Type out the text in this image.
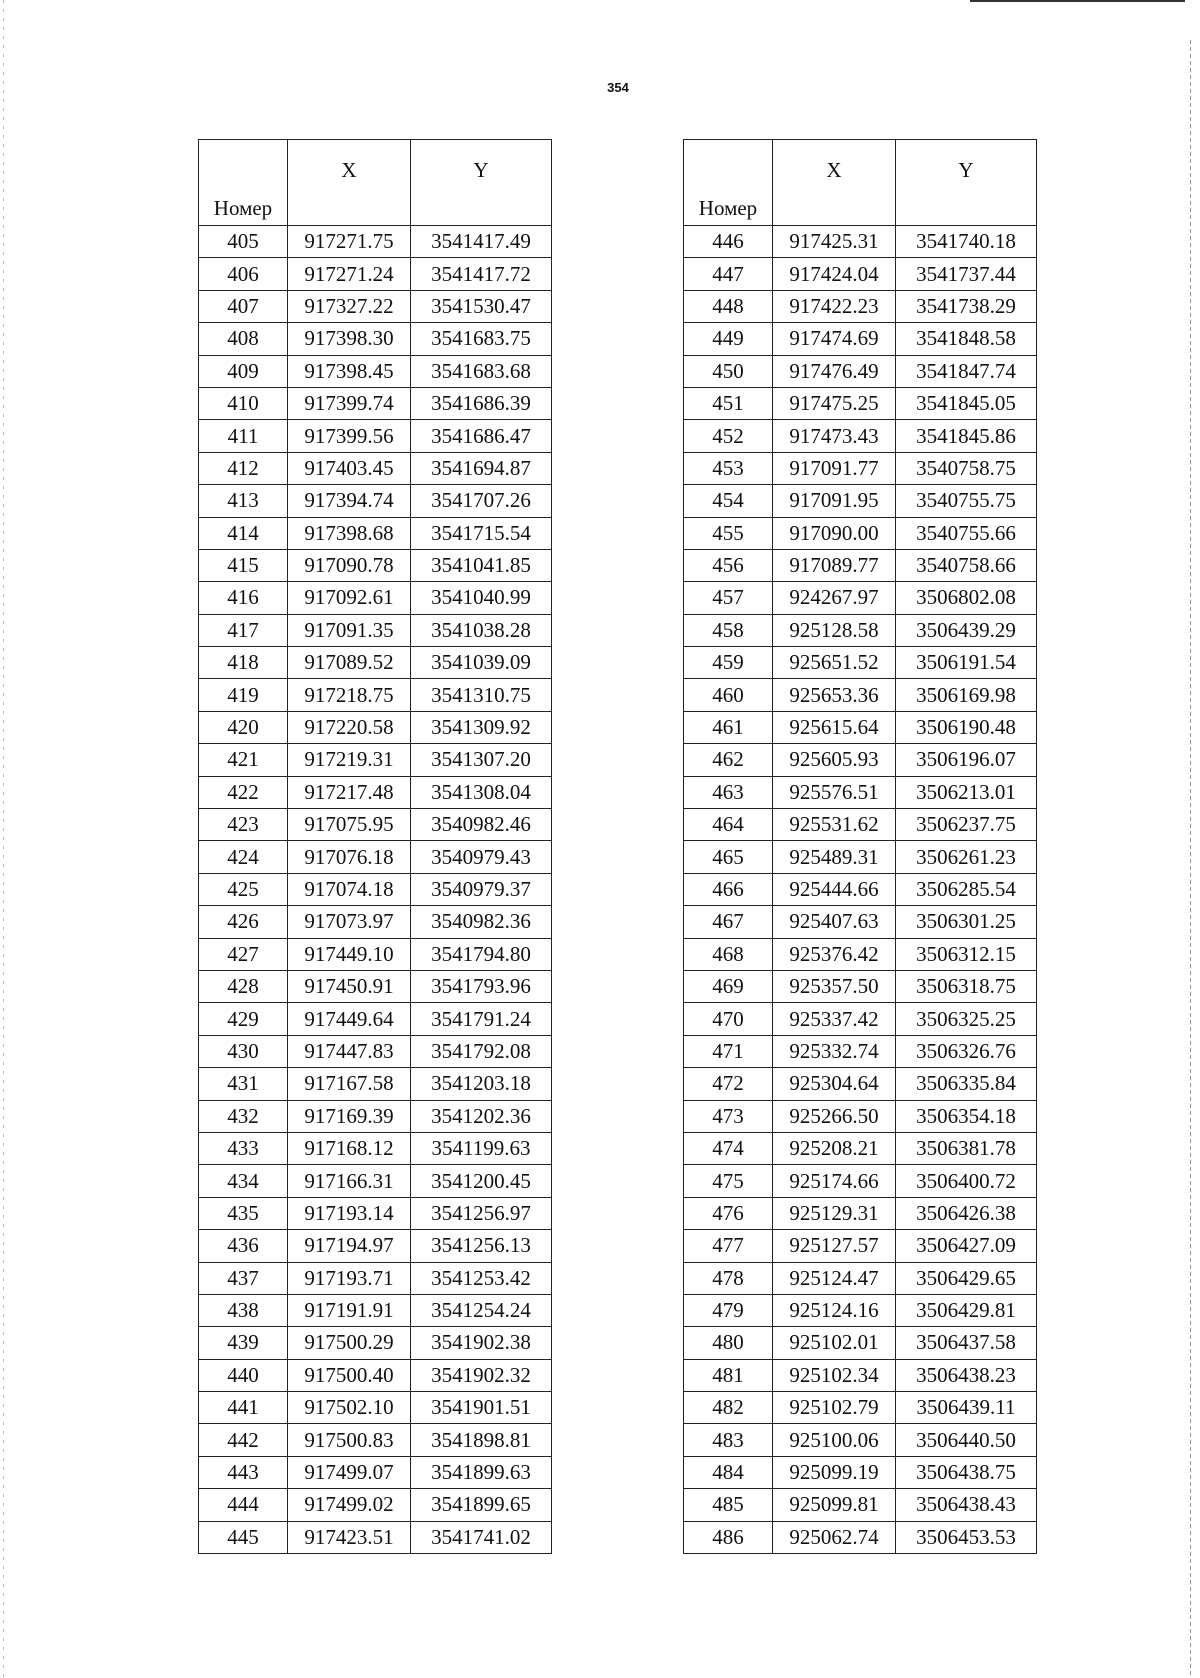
354
Номер	X	Y
405	917271.75	3541417.49
406	917271.24	3541417.72
407	917327.22	3541530.47
408	917398.30	3541683.75
409	917398.45	3541683.68
410	917399.74	3541686.39
411	917399.56	3541686.47
412	917403.45	3541694.87
413	917394.74	3541707.26
414	917398.68	3541715.54
415	917090.78	3541041.85
416	917092.61	3541040.99
417	917091.35	3541038.28
418	917089.52	3541039.09
419	917218.75	3541310.75
420	917220.58	3541309.92
421	917219.31	3541307.20
422	917217.48	3541308.04
423	917075.95	3540982.46
424	917076.18	3540979.43
425	917074.18	3540979.37
426	917073.97	3540982.36
427	917449.10	3541794.80
428	917450.91	3541793.96
429	917449.64	3541791.24
430	917447.83	3541792.08
431	917167.58	3541203.18
432	917169.39	3541202.36
433	917168.12	3541199.63
434	917166.31	3541200.45
435	917193.14	3541256.97
436	917194.97	3541256.13
437	917193.71	3541253.42
438	917191.91	3541254.24
439	917500.29	3541902.38
440	917500.40	3541902.32
441	917502.10	3541901.51
442	917500.83	3541898.81
443	917499.07	3541899.63
444	917499.02	3541899.65
445	917423.51	3541741.02
Номер	X	Y
446	917425.31	3541740.18
447	917424.04	3541737.44
448	917422.23	3541738.29
449	917474.69	3541848.58
450	917476.49	3541847.74
451	917475.25	3541845.05
452	917473.43	3541845.86
453	917091.77	3540758.75
454	917091.95	3540755.75
455	917090.00	3540755.66
456	917089.77	3540758.66
457	924267.97	3506802.08
458	925128.58	3506439.29
459	925651.52	3506191.54
460	925653.36	3506169.98
461	925615.64	3506190.48
462	925605.93	3506196.07
463	925576.51	3506213.01
464	925531.62	3506237.75
465	925489.31	3506261.23
466	925444.66	3506285.54
467	925407.63	3506301.25
468	925376.42	3506312.15
469	925357.50	3506318.75
470	925337.42	3506325.25
471	925332.74	3506326.76
472	925304.64	3506335.84
473	925266.50	3506354.18
474	925208.21	3506381.78
475	925174.66	3506400.72
476	925129.31	3506426.38
477	925127.57	3506427.09
478	925124.47	3506429.65
479	925124.16	3506429.81
480	925102.01	3506437.58
481	925102.34	3506438.23
482	925102.79	3506439.11
483	925100.06	3506440.50
484	925099.19	3506438.75
485	925099.81	3506438.43
486	925062.74	3506453.53
